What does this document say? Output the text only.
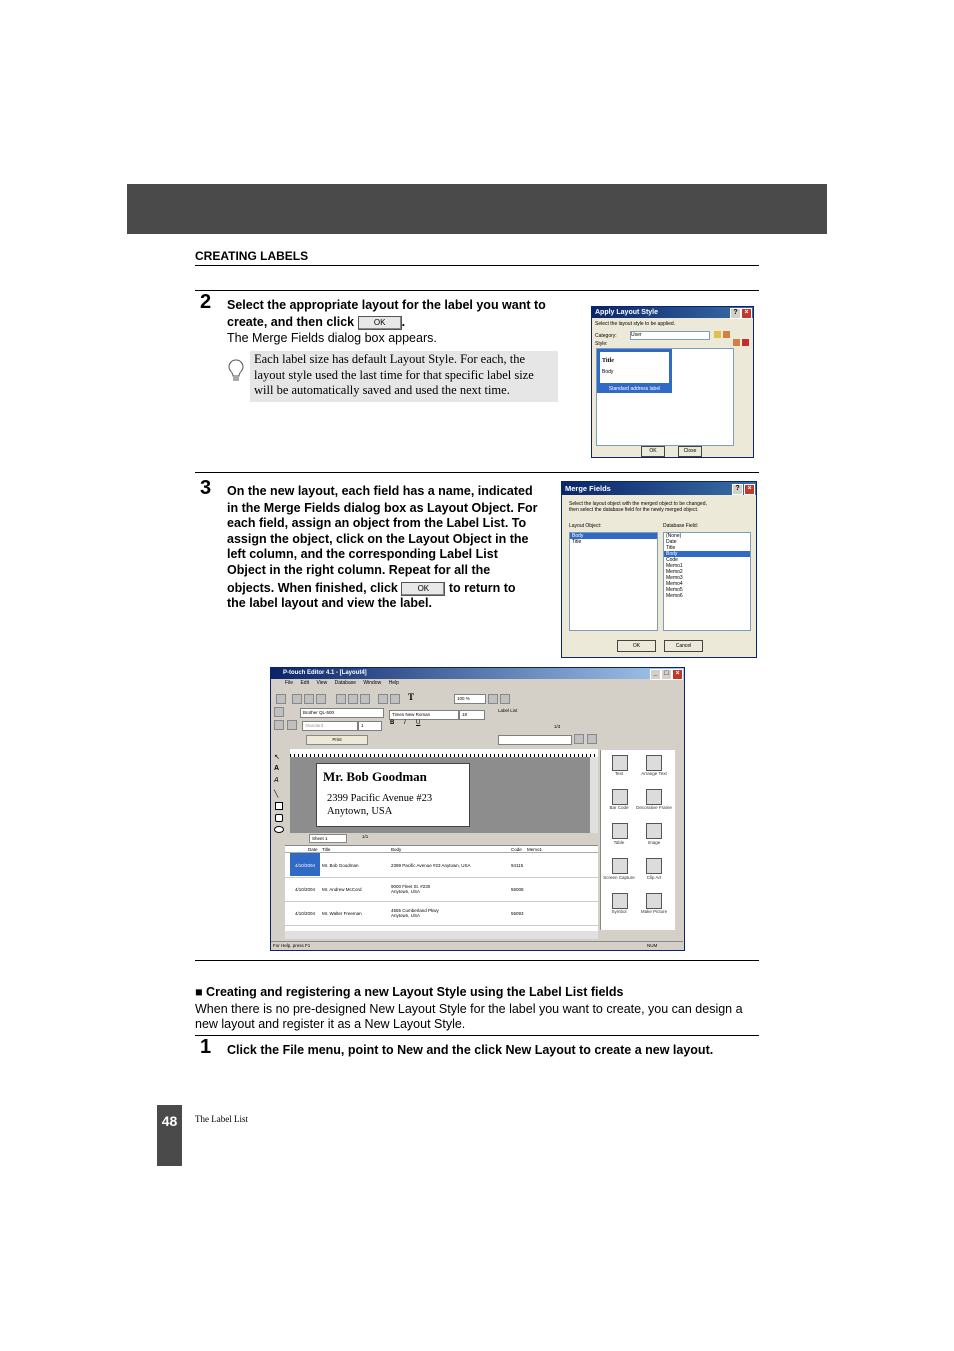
CREATING LABELS
2 Select the appropriate layout for the label you want to
create, and then click OK .
The Merge Fields dialog box appears.
Each label size has default Layout Style. For each, the layout style used the last time for that specific label size will be automatically saved and used the next time.
Apply Layout Style	? ×
Select the layout style to be applied.
Category:	User
Style:
Title
Body
Standard address label
OK	Close
3 On the new layout, each field has a name, indicated
in the Merge Fields dialog box as Layout Object. For
each field, assign an object from the Label List. To
assign the object, click on the Layout Object in the
left column, and the corresponding Label List
Object in the right column. Repeat for all the
objects. When finished, click OK to return to
the label layout and view the label.
Merge Fields	?	×
Select the layout object with the merged object to be changed,
then select the database field for the newly merged object.
Layout Object:	Database Field:
Body
Title
(None)
Date
Title
Body
Code
Memo1
Memo2
Memo3
Memo4
Memo5
Memo6
OK	Cancel
P-touch Editor 4.1 - [Layout4]	_ □ ×
File Edit View Database Window Help
T	100 %
Brother QL-500	Times New Roman	18
Label List
Standard	1	B I U
1/3
Print
↖
A
A
╲
Mr. Bob Goodman
2399 Pacific Avenue #23
Anytown, USA
Sheet 1	1/1
Date Title	Body	Code Memo1
4/10/2004 Mr. Bob Goodman	2399 Pacific Avenue #23 Anytown, USA	94115
4/10/2004 Mr. Andrew McCord
9000 Fleet St. #230
Anytown, USA	55008
4/10/2004 Mr. Walter Freeman
4555 Cumberland Pkwy
Anytown, USA	55093
Text	Arrange Text
Bar Code	Decorative Frame
Table	Image
Screen Capture	Clip Art
Symbol	Make Picture
For Help, press F1	NUM
■ Creating and registering a new Layout Style using the Label List fields
When there is no pre-designed New Layout Style for the label you want to create, you can design a
new layout and register it as a New Layout Style.
1 Click the File menu, point to New and the click New Layout to create a new layout.
48	The Label List
